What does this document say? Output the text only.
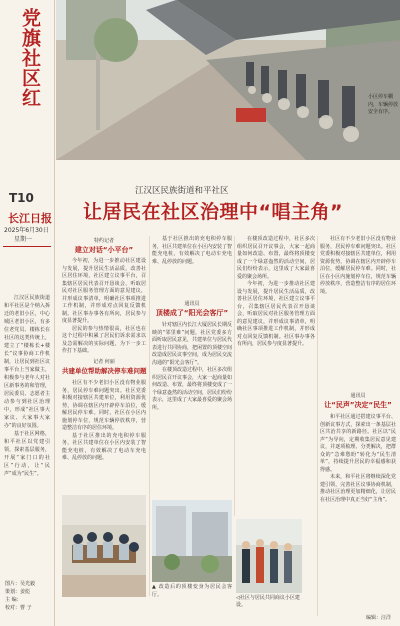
党旗社区红
T10
长江日报
2025年6月30日
星期一
江汉区民族街道和平社区是个纳入拆迁的老旧小区，中心城区老旧小区，有多位老党员、楼栋长在社区的这类传统上，建立了“楼栋长+楼长”议事协商工作机制，让居民到社区议事平台上当家做主，积极参与老年人对社区新事务的和管理，居民委员、志愿者主动参与到社区治理中，形成“社区事大家议、大家事大家办”的良好氛围。
基于社区网格，和平社区以党建引领，探索基层服务，开展“家门口的社区”行动，让“民声”成为“民生”。
图片：吴光毅
策划：姜彪
主 编：
校对：曹 子
小区停车棚内，车辆停放安全有序。
江汉区民族街道和平社区
让居民在社区治理中“唱主角”
特约记者
建立对话“小平台”
今年初，为进一步推动社区建设与发展，提升居民生活品质，改善社区居住环境，社区建立议事平台，召集辖区居民代表召开恳谈会，听取居民对社区服务管理方面的意见建议，并形成议事清单，明确社区事项推进工作机制，并形成对点回复反馈机制。社区事办事各有所向，居民参与度显著提升。
居民的参与热情很高，社区也在这个过程中积累了居民们诉求需求以及急需解决的实际问题，为下一步工作打下基础。
记者 何丽
共建单位帮助解决停车难问题
社区有不少老旧小区没有物业服务，居民停车难问题突出。社区党委积极对接辖区共建单位，利用资源优势，协调在辖区内开辟停车泊位，缓解居民停车难。同时，社区在小区内施划停车位，规范车辆停放秩序，营造整洁有序的居住环境。
基于社区推出的充电积停车服务，社区共建单位在小区内安装了智能充电桩，有效解决了电动车充电难、乱停放的问题。
基于社区推出的充电积停车服务，社区共建单位在小区内安装了智能充电桩，有效解决了电动车充电难、乱停放的问题。
通讯员
顶楼成了“阳光会客厅”
针对辖区内长江大厦居民长期反映的“邻里难”问题，社区党委多方面听取居民意见，共建单位与居民代表进行共同协商，把闲置的顶楼空间改造成居民议事空间，成为居民交流沟通的“阳光会客厅”。
在楼顶改造过程中，社区多次组织居民召开议事会，大家一起商量如何改造、布置，最终将顶楼变成了一个绿意盎然的活动空间，居民们纷纷表示，这里成了大家最喜爱的聚会场所。
▲ 改造后的顶楼变身为居民会客厅。
在楼顶改造过程中，社区多次组织居民召开议事会，大家一起商量如何改造、布置，最终将顶楼变成了一个绿意盎然的活动空间，居民们纷纷表示，这里成了大家最喜爱的聚会场所。
今年初，为进一步推动社区建设与发展，提升居民生活品质，改善社区居住环境，社区建立议事平台，召集辖区居民代表召开恳谈会，听取居民对社区服务管理方面的意见建议，并形成议事清单，明确社区事项推进工作机制，并形成对点回复反馈机制。社区事办事各有所向，居民参与度显著提升。
◁社区与居民共同商议小区建设。
社区有不少老旧小区没有物业服务，居民停车难问题突出。社区党委积极对接辖区共建单位，利用资源优势，协调在辖区内开辟停车泊位，缓解居民停车难。同时，社区在小区内施划停车位，规范车辆停放秩序，营造整洁有序的居住环境。
通讯员
让“民声”决定“民生”
和平社区通过搭建议事平台、创新议事方式，探索出一条基层社区共治共享的新路径。社区以“民声”为导向，定期收集居民意见建议，并逐项梳理、分类解决，把群众的“急难愁盼”转化为“民生清单”，持续提升居民的幸福感和获得感。
未来，和平社区将继续深化党建引领，完善社区议事协商机制，推动社区治理更加精细化，让居民在社区治理中真正当好“主角”。
编辑：汪洋
